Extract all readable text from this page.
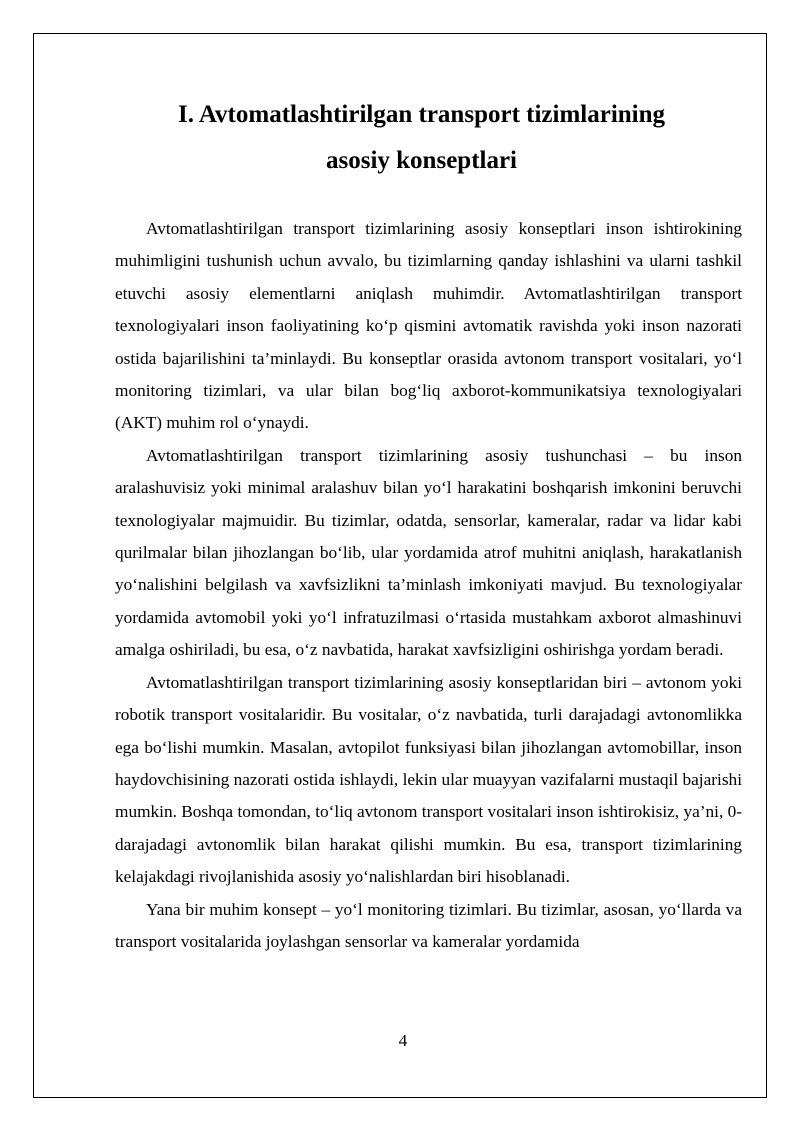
I. Avtomatlashtirilgan transport tizimlarining
asosiy konseptlari

Avtomatlashtirilgan transport tizimlarining asosiy konseptlari inson ishtirokining muhimligini tushunish uchun avvalo, bu tizimlarning qanday ishlashini va ularni tashkil etuvchi asosiy elementlarni aniqlash muhimdir. Avtomatlashtirilgan transport texnologiyalari inson faoliyatining koʻp qismini avtomatik ravishda yoki inson nazorati ostida bajarilishini ta’minlaydi. Bu konseptlar orasida avtonom transport vositalari, yoʻl monitoring tizimlari, va ular bilan bogʻliq axborot-kommunikatsiya texnologiyalari (AKT) muhim rol oʻynaydi.

Avtomatlashtirilgan transport tizimlarining asosiy tushunchasi – bu inson aralashuvisiz yoki minimal aralashuv bilan yoʻl harakatini boshqarish imkonini beruvchi texnologiyalar majmuidir. Bu tizimlar, odatda, sensorlar, kameralar, radar va lidar kabi qurilmalar bilan jihozlangan boʻlib, ular yordamida atrof muhitni aniqlash, harakatlanish yoʻnalishini belgilash va xavfsizlikni ta’minlash imkoniyati mavjud. Bu texnologiyalar yordamida avtomobil yoki yoʻl infratuzilmasi oʻrtasida mustahkam axborot almashinuvi amalga oshiriladi, bu esa, oʻz navbatida, harakat xavfsizligini oshirishga yordam beradi.

Avtomatlashtirilgan transport tizimlarining asosiy konseptlaridan biri – avtonom yoki robotik transport vositalaridir. Bu vositalar, oʻz navbatida, turli darajadagi avtonomlikka ega boʻlishi mumkin. Masalan, avtopilot funksiyasi bilan jihozlangan avtomobillar, inson haydovchisining nazorati ostida ishlaydi, lekin ular muayyan vazifalarni mustaqil bajarishi mumkin. Boshqa tomondan, toʻliq avtonom transport vositalari inson ishtirokisiz, ya’ni, 0-darajadagi avtonomlik bilan harakat qilishi mumkin. Bu esa, transport tizimlarining kelajakdagi rivojlanishida asosiy yoʻnalishlardan biri hisoblanadi.

Yana bir muhim konsept – yoʻl monitoring tizimlari. Bu tizimlar, asosan, yoʻllarda va transport vositalarida joylashgan sensorlar va kameralar yordamida

4
